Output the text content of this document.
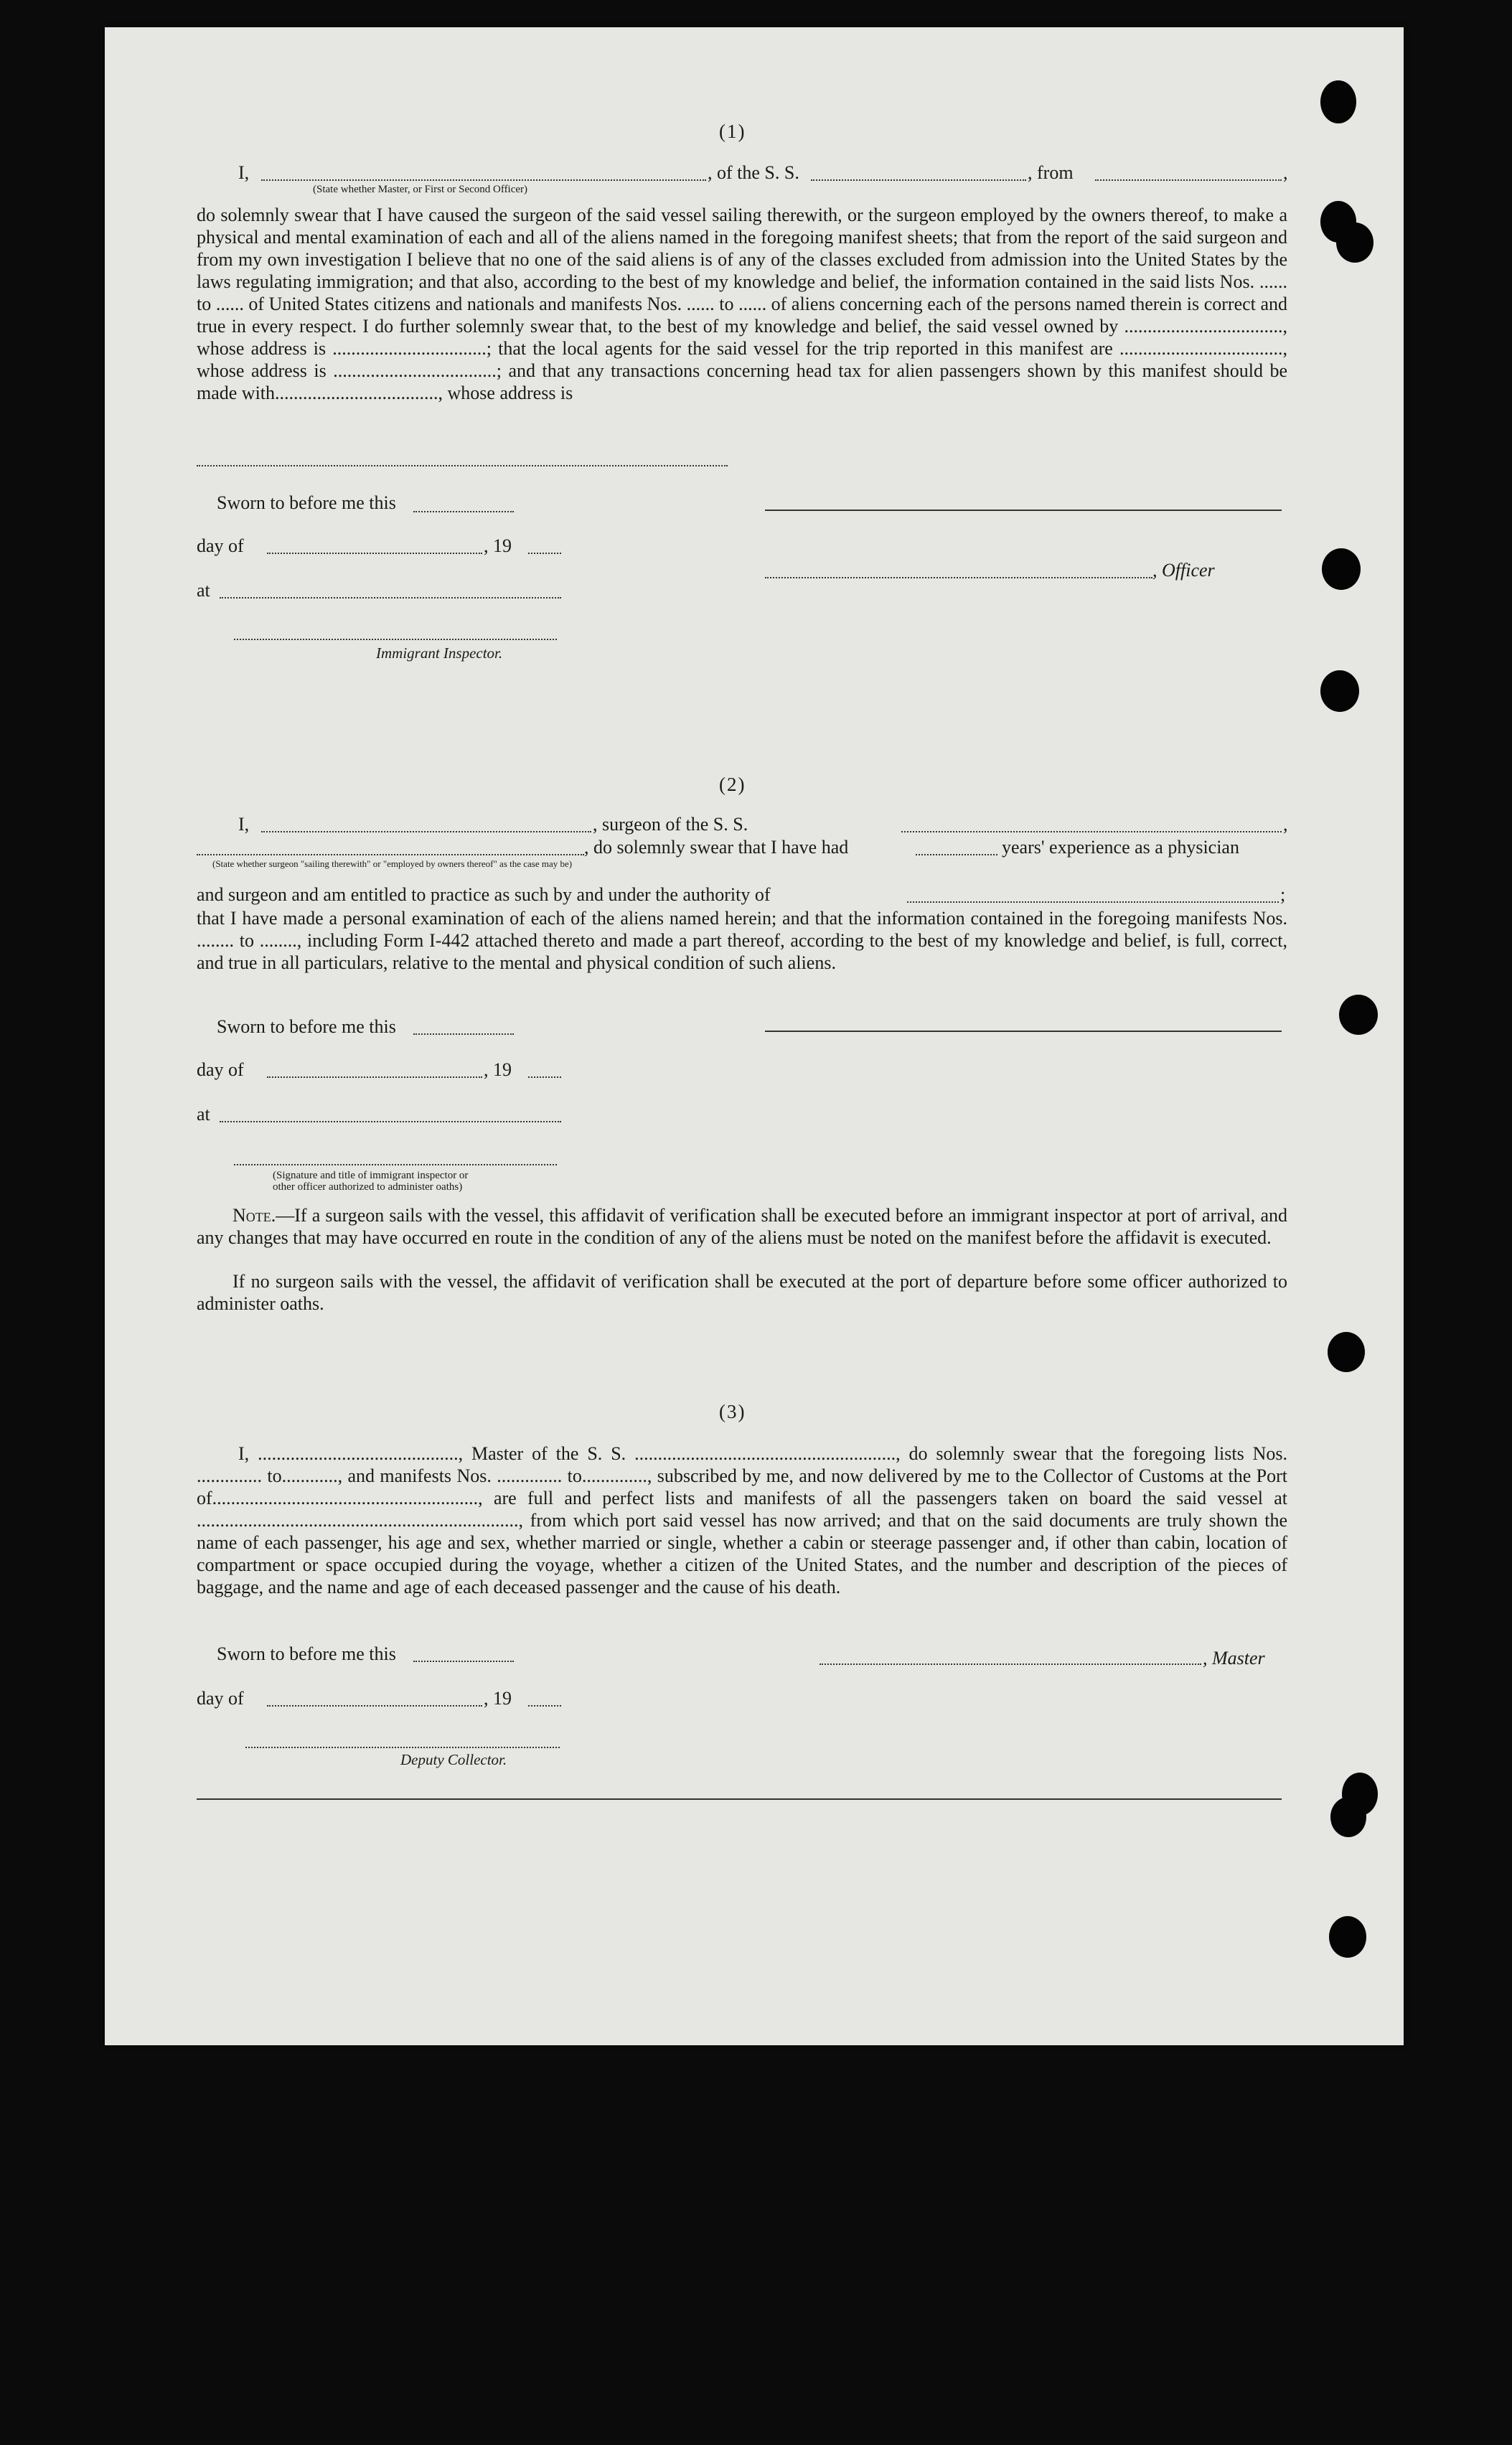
(1)
I,	, of the S. S.	, from	,
(State whether Master, or First or Second Officer)
do solemnly swear that I have caused the surgeon of the said vessel sailing therewith, or the surgeon employed by the owners thereof, to make a physical and mental examination of each and all of the aliens named in the foregoing manifest sheets; that from the report of the said surgeon and from my own investigation I believe that no one of the said aliens is of any of the classes excluded from admission into the United States by the laws regulating immigration; and that also, according to the best of my knowledge and belief, the information contained in the said lists Nos. ...... to ...... of United States citizens and nationals and manifests Nos. ...... to ...... of aliens concerning each of the persons named therein is correct and true in every respect. I do further solemnly swear that, to the best of my knowledge and belief, the said vessel owned by .................................., whose address is .................................; that the local agents for the said vessel for the trip reported in this manifest are ..................................., whose address is ...................................; and that any transactions concerning head tax for alien passengers shown by this manifest should be made with..................................., whose address is
Sworn to before me this
day of	, 19
, Officer
at
Immigrant Inspector.
(2)
I,	, surgeon of the S. S.	,
, do solemnly swear that I have had	years' experience as a physician
(State whether surgeon "sailing therewith" or "employed by owners thereof" as the case may be)
and surgeon and am entitled to practice as such by and under the authority of	;
that I have made a personal examination of each of the aliens named herein; and that the information contained in the foregoing manifests Nos. ........ to ........, including Form I-442 attached thereto and made a part thereof, according to the best of my knowledge and belief, is full, correct, and true in all particulars, relative to the mental and physical condition of such aliens.
Sworn to before me this
day of	, 19
at
(Signature and title of immigrant inspector or
other officer authorized to administer oaths)
Note.—If a surgeon sails with the vessel, this affidavit of verification shall be executed before an immigrant inspector at port of arrival, and any changes that may have occurred en route in the condition of any of the aliens must be noted on the manifest before the affidavit is executed.
If no surgeon sails with the vessel, the affidavit of verification shall be executed at the port of departure before some officer authorized to administer oaths.
(3)
I, ..........................................., Master of the S. S. ........................................................, do solemnly swear that the foregoing lists Nos. .............. to............, and manifests Nos. .............. to.............., subscribed by me, and now delivered by me to the Collector of Customs at the Port of........................................................., are full and perfect lists and manifests of all the passengers taken on board the said vessel at ....................................................................., from which port said vessel has now arrived; and that on the said documents are truly shown the name of each passenger, his age and sex, whether married or single, whether a cabin or steerage passenger and, if other than cabin, location of compartment or space occupied during the voyage, whether a citizen of the United States, and the number and description of the pieces of baggage, and the name and age of each deceased passenger and the cause of his death.
Sworn to before me this	, Master
day of	, 19
Deputy Collector.
